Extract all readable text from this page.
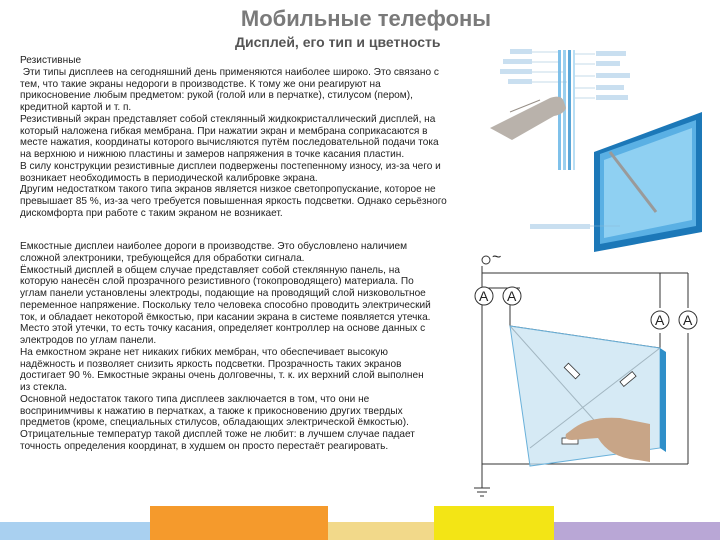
Мобильные телефоны
Дисплей, его тип и цветность
Резистивные
Эти типы дисплеев на сегодняшний день применяются наиболее широко. Это связано с
тем, что такие экраны недороги в производстве. К тому же они реагируют на
прикосновение любым предметом: рукой (голой или в перчатке), стилусом (пером),
кредитной картой и т. п.
Резистивный экран представляет собой стеклянный жидкокристаллический дисплей, на
который наложена гибкая мембрана. При нажатии экран и мембрана соприкасаются в
месте нажатия, координаты которого вычисляются путём последовательной подачи тока
на верхнюю и нижнюю пластины и замеров напряжения в точке касания пластин.
В силу конструкции резистивные дисплеи подвержены постепенному износу, из-за чего и
возникает необходимость в периодической калибровке экрана.
Другим недостатком такого типа экранов является низкое светопропускание, которое не
превышает 85 %, из-за чего требуется повышенная яркость подсветки. Однако серьёзного
дискомфорта при работе с таким экраном не возникает.
Емкостные дисплеи наиболее дороги в производстве. Это обусловлено наличием
сложной электроники, требующейся для обработки сигнала.
Ёмкостный дисплей в общем случае представляет собой стеклянную панель, на
которую нанесён слой прозрачного резистивного (токопроводящего) материала. По
углам панели установлены электроды, подающие на проводящий слой низковольтное
переменное напряжение. Поскольку тело человека способно проводить электрический
ток, и обладает некоторой ёмкостью, при касании экрана в системе появляется утечка.
Место этой утечки, то есть точку касания, определяет контроллер на основе данных с
электродов по углам панели.
На емкостном экране нет никаких гибких мембран, что обеспечивает высокую
надёжность и позволяет снизить яркость подсветки. Прозрачность таких экранов
достигает 90 %. Емкостные экраны очень долговечны, т. к. их верхний слой выполнен
из стекла.
Основной недостаток такого типа дисплеев заключается в том, что они не
воспринимчивы к нажатию в перчатках, а также к прикосновению других твердых
предметов (кроме, специальных стилусов, обладающих электрической ёмкостью).
Отрицательные температур такой дисплей тоже не любит: в лучшем случае падает
точность определения координат, в худшем он просто перестаёт реагировать.
A A
A A
~
